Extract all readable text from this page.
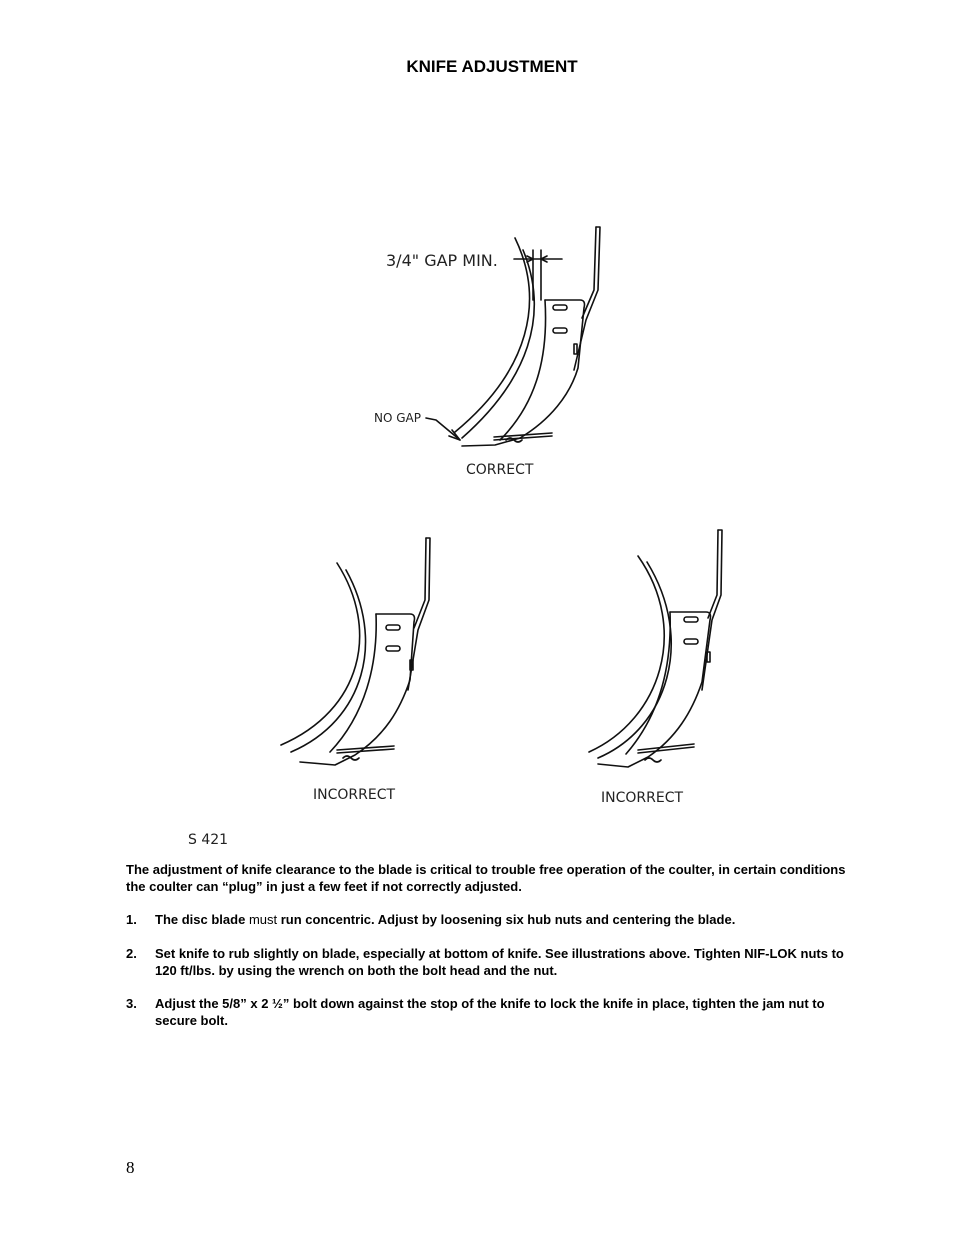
KNIFE ADJUSTMENT
3/4" GAP MIN.
NO GAP
CORRECT
INCORRECT	INCORRECT
S 421
The adjustment of knife clearance to the blade is critical to trouble free operation of the coulter, in certain conditions the coulter can “plug” in just a few feet if not correctly adjusted.
1.	The disc blade must run concentric. Adjust by loosening six hub nuts and centering the blade.
2.	Set knife to rub slightly on blade, especially at bottom of knife. See illustrations above. Tighten NIF-LOK nuts to 120 ft/lbs. by using the wrench on both the bolt head and the nut.
3.	Adjust the 5/8” x 2 ½” bolt down against the stop of the knife to lock the knife in place, tighten the jam nut to secure bolt.
8
